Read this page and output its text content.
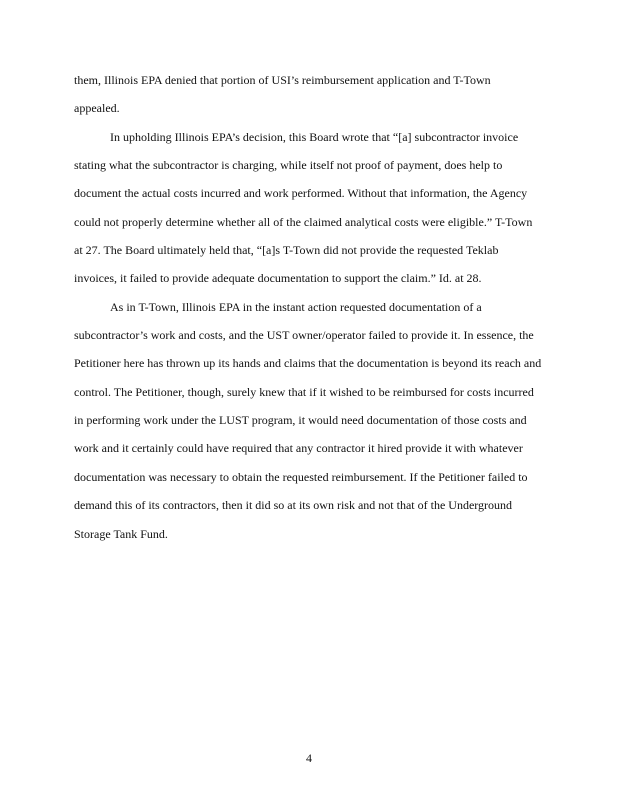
them, Illinois EPA denied that portion of USI’s reimbursement application and T-Town
appealed.
In upholding Illinois EPA’s decision, this Board wrote that “[a] subcontractor invoice
stating what the subcontractor is charging, while itself not proof of payment, does help to
document the actual costs incurred and work performed. Without that information, the Agency
could not properly determine whether all of the claimed analytical costs were eligible.” T-Town
at 27. The Board ultimately held that, “[a]s T-Town did not provide the requested Teklab
invoices, it failed to provide adequate documentation to support the claim.” Id. at 28.
As in T-Town, Illinois EPA in the instant action requested documentation of a
subcontractor’s work and costs, and the UST owner/operator failed to provide it. In essence, the
Petitioner here has thrown up its hands and claims that the documentation is beyond its reach and
control. The Petitioner, though, surely knew that if it wished to be reimbursed for costs incurred
in performing work under the LUST program, it would need documentation of those costs and
work and it certainly could have required that any contractor it hired provide it with whatever
documentation was necessary to obtain the requested reimbursement. If the Petitioner failed to
demand this of its contractors, then it did so at its own risk and not that of the Underground
Storage Tank Fund.
4
